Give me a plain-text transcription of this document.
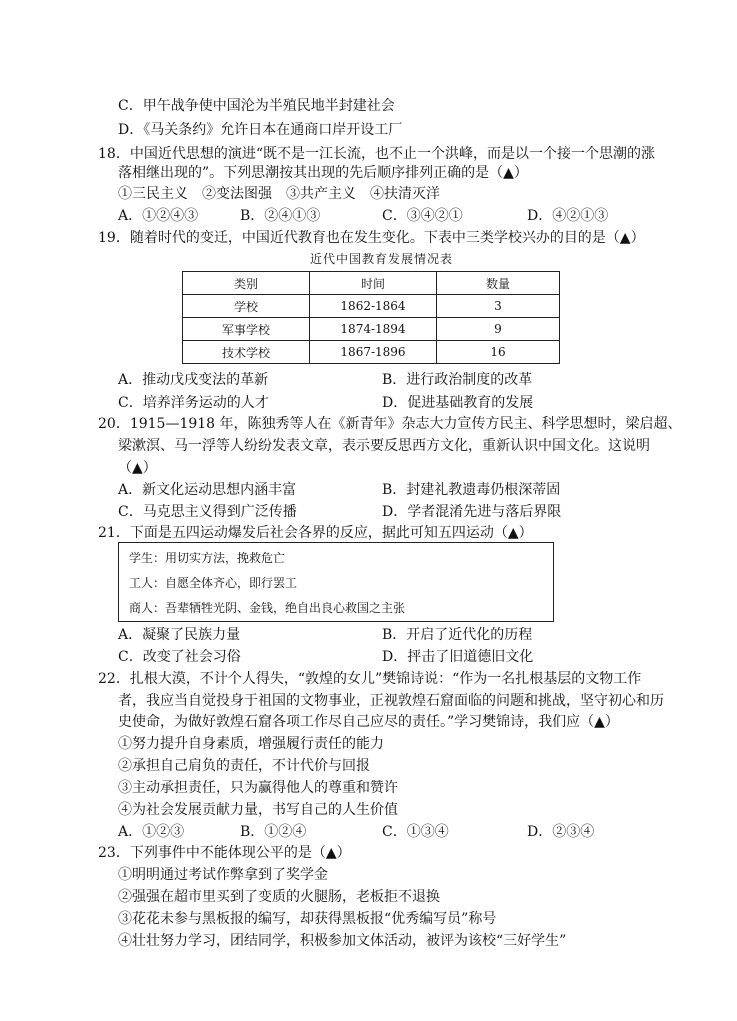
C．甲午战争使中国沦为半殖民地半封建社会
D．《马关条约》允许日本在通商口岸开设工厂
18．中国近代思想的演进“既不是一江长流，也不止一个洪峰，而是以一个接一个思潮的涨
落相继出现的”。下列思潮按其出现的先后顺序排列正确的是（▲）
①三民主义　②变法图强　③共产主义　④扶清灭洋
A．①②④③	B．②④①③	C．③④②①	D．④②①③
19．随着时代的变迁，中国近代教育也在发生变化。下表中三类学校兴办的目的是（▲）
近代中国教育发展情况表
类别	时间	数量
学校	1862-1864	3
军事学校	1874-1894	9
技术学校	1867-1896	16
A．推动戊戌变法的革新	B．进行政治制度的改革
C．培养洋务运动的人才	D．促进基础教育的发展
20．1915—1918 年，陈独秀等人在《新青年》杂志大力宣传方民主、科学思想时，梁启超、
梁漱溟、马一浮等人纷纷发表文章，表示要反思西方文化，重新认识中国文化。这说明
（▲）
A．新文化运动思想内涵丰富	B．封建礼教遗毒仍根深蒂固
C．马克思主义得到广泛传播	D．学者混淆先进与落后界限
21．下面是五四运动爆发后社会各界的反应，据此可知五四运动（▲）
学生：用切实方法，挽救危亡
工人：自愿全体齐心，即行罢工
商人：吾辈牺牲光阴、金钱，绝自出良心救国之主张
A．凝聚了民族力量	B．开启了近代化的历程
C．改变了社会习俗	D．抨击了旧道德旧文化
22．扎根大漠，不计个人得失，“敦煌的女儿”樊锦诗说：“作为一名扎根基层的文物工作
者，我应当自觉投身于祖国的文物事业，正视敦煌石窟面临的问题和挑战，坚守初心和历
史使命，为做好敦煌石窟各项工作尽自己应尽的责任。”学习樊锦诗，我们应（▲）
①努力提升自身素质，增强履行责任的能力
②承担自己肩负的责任，不计代价与回报
③主动承担责任，只为赢得他人的尊重和赞许
④为社会发展贡献力量，书写自己的人生价值
A．①②③	B．①②④	C．①③④	D．②③④
23．下列事件中不能体现公平的是（▲）
①明明通过考试作弊拿到了奖学金
②强强在超市里买到了变质的火腿肠，老板拒不退换
③花花未参与黑板报的编写，却获得黑板报“优秀编写员”称号
④壮壮努力学习，团结同学，积极参加文体活动，被评为该校“三好学生”
